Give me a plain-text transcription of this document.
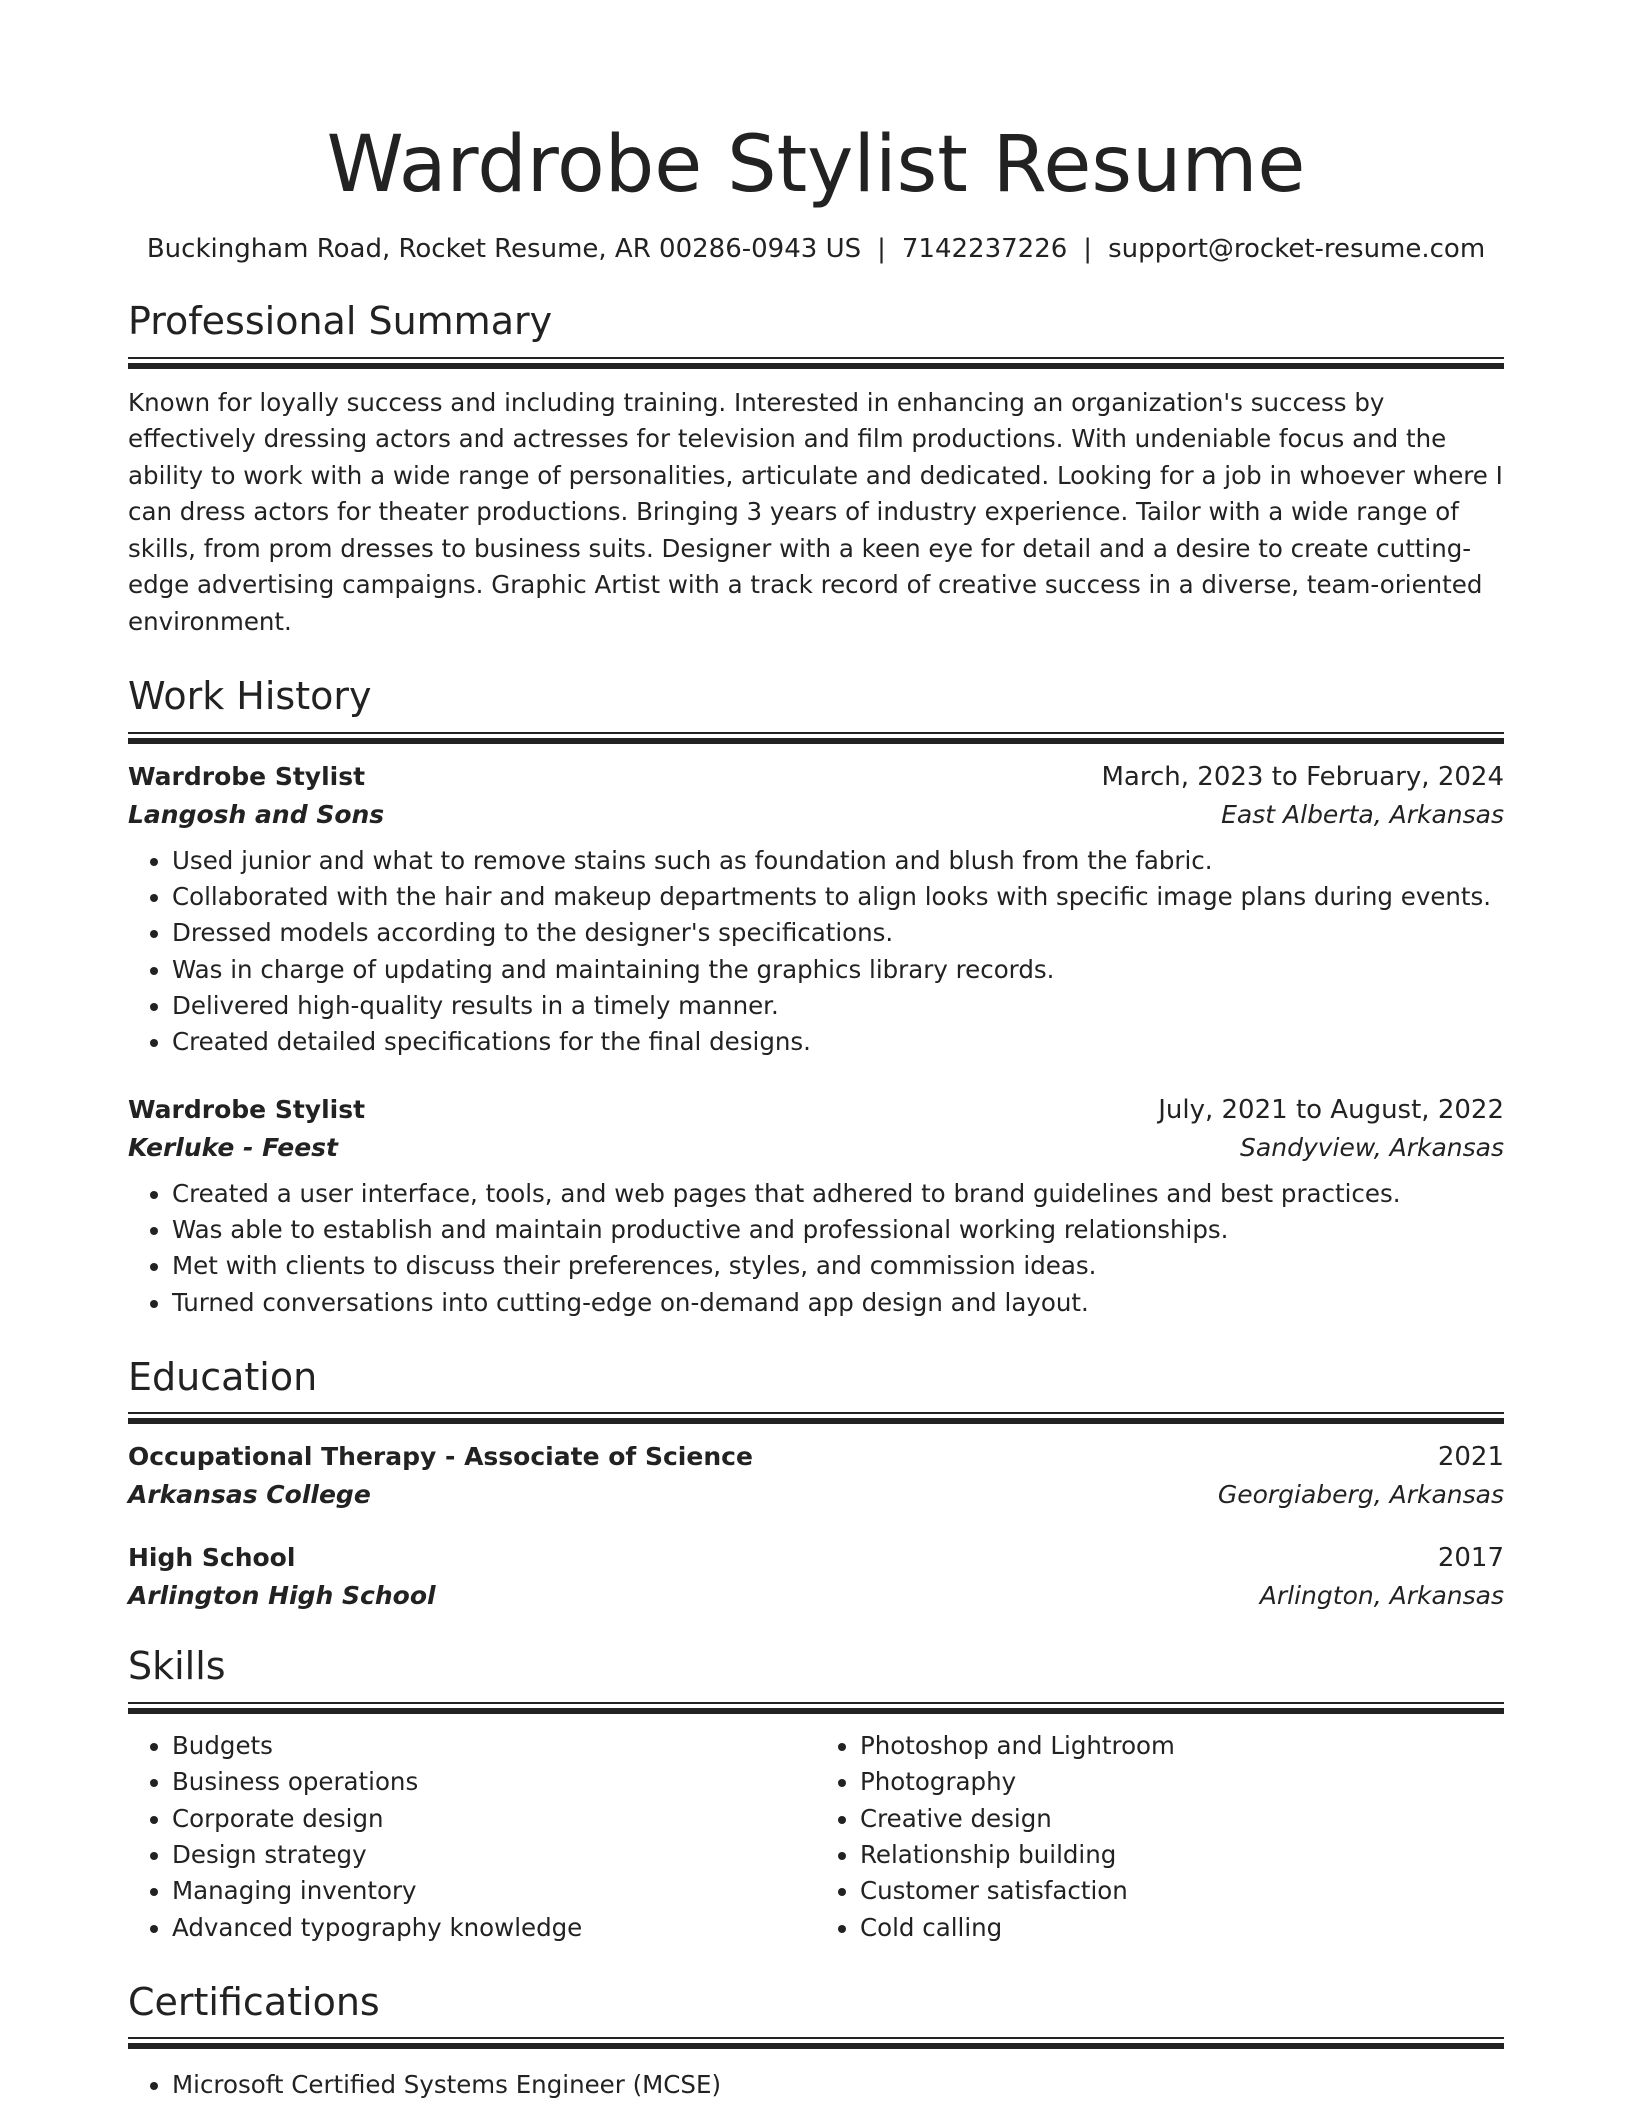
Wardrobe Stylist Resume
Buckingham Road, Rocket Resume, AR 00286-0943 US | 7142237226 | support@rocket-resume.com
Professional Summary
Known for loyally success and including training. Interested in enhancing an organization's success by effectively dressing actors and actresses for television and film productions. With undeniable focus and the ability to work with a wide range of personalities, articulate and dedicated. Looking for a job in whoever where I can dress actors for theater productions. Bringing 3 years of industry experience. Tailor with a wide range of skills, from prom dresses to business suits. Designer with a keen eye for detail and a desire to create cutting-edge advertising campaigns. Graphic Artist with a track record of creative success in a diverse, team-oriented environment.
Work History
Wardrobe Stylist	March, 2023 to February, 2024
Langosh and Sons	East Alberta, Arkansas
• Used junior and what to remove stains such as foundation and blush from the fabric.
• Collaborated with the hair and makeup departments to align looks with specific image plans during events.
• Dressed models according to the designer's specifications.
• Was in charge of updating and maintaining the graphics library records.
• Delivered high-quality results in a timely manner.
• Created detailed specifications for the final designs.
Wardrobe Stylist	July, 2021 to August, 2022
Kerluke - Feest	Sandyview, Arkansas
• Created a user interface, tools, and web pages that adhered to brand guidelines and best practices.
• Was able to establish and maintain productive and professional working relationships.
• Met with clients to discuss their preferences, styles, and commission ideas.
• Turned conversations into cutting-edge on-demand app design and layout.
Education
Occupational Therapy - Associate of Science	2021
Arkansas College	Georgiaberg, Arkansas
High School	2017
Arlington High School	Arlington, Arkansas
Skills
• Budgets
• Business operations
• Corporate design
• Design strategy
• Managing inventory
• Advanced typography knowledge
• Photoshop and Lightroom
• Photography
• Creative design
• Relationship building
• Customer satisfaction
• Cold calling
Certifications
• Microsoft Certified Systems Engineer (MCSE)
